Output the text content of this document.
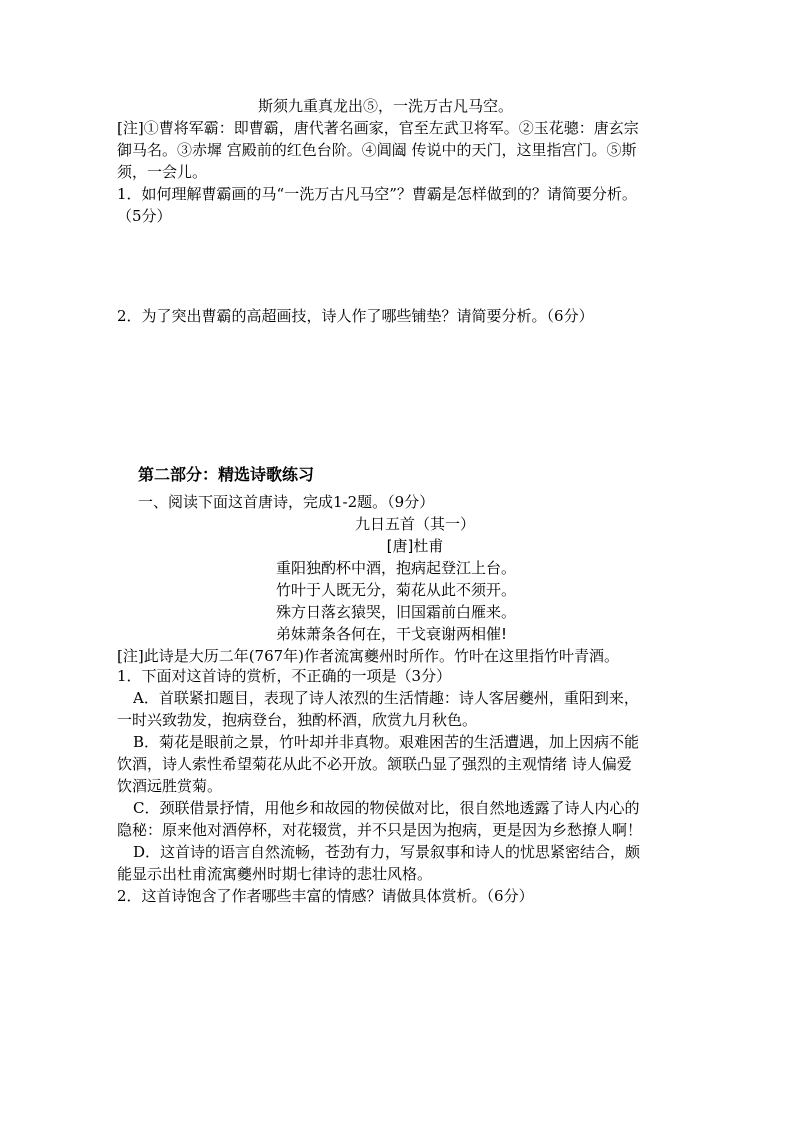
斯须九重真龙出⑤，一洗万古凡马空。
[注]①曹将军霸：即曹霸，唐代著名画家，官至左武卫将军。②玉花骢：唐玄宗
御马名。③赤墀 宫殿前的红色台阶。④阊阖 传说中的天门，这里指宫门。⑤斯
须，一会儿。
1．如何理解曹霸画的马“一洗万古凡马空”？曹霸是怎样做到的？请简要分析。
（5分）
2．为了突出曹霸的高超画技，诗人作了哪些铺垫？请简要分析。（6分）
第二部分：精选诗歌练习
一、阅读下面这首唐诗，完成1-2题。（9分）
九日五首（其一）
[唐]杜甫
重阳独酌杯中酒，抱病起登江上台。
竹叶于人既无分，菊花从此不须开。
殊方日落玄猿哭，旧国霜前白雁来。
弟妹萧条各何在，干戈衰谢两相催!
[注]此诗是大历二年(767年)作者流寓夔州时所作。竹叶在这里指竹叶青酒。
1．下面对这首诗的赏析，不正确的一项是（3分）
A．首联紧扣题目，表现了诗人浓烈的生活情趣：诗人客居夔州，重阳到来，
一时兴致勃发，抱病登台，独酌杯酒，欣赏九月秋色。
B．菊花是眼前之景，竹叶却并非真物。艰难困苦的生活遭遇，加上因病不能
饮酒，诗人索性希望菊花从此不必开放。颔联凸显了强烈的主观情绪 诗人偏爱
饮酒远胜赏菊。
C．颈联借景抒情，用他乡和故园的物侯做对比，很自然地透露了诗人内心的
隐秘：原来他对酒停杯，对花辍赏，并不只是因为抱病，更是因为乡愁撩人啊！
D．这首诗的语言自然流畅，苍劲有力，写景叙事和诗人的忧思紧密结合，颇
能显示出杜甫流寓夔州时期七律诗的悲壮风格。
2．这首诗饱含了作者哪些丰富的情感？请做具体赏析。（6分）
